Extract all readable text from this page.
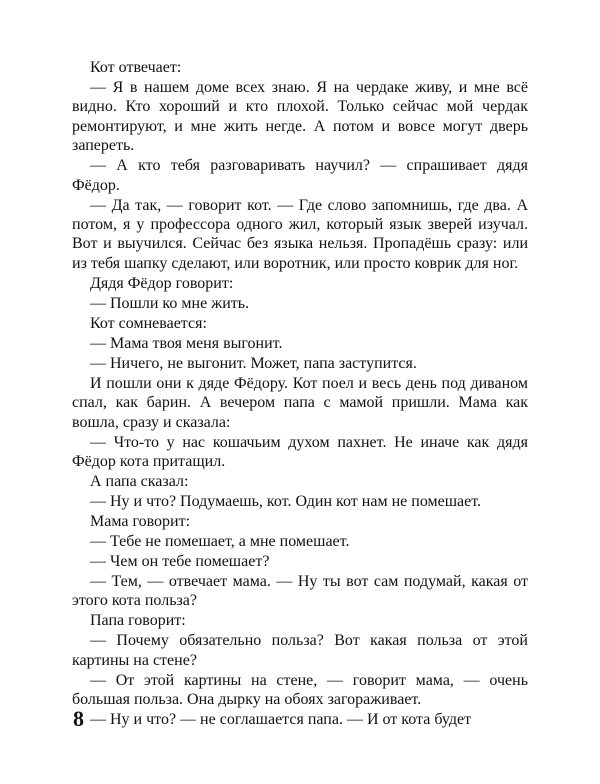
Кот отвечает:

— Я в нашем доме всех знаю. Я на чердаке живу, и мне всё видно. Кто хороший и кто плохой. Только сейчас мой чердак ремонтируют, и мне жить негде. А потом и вовсе могут дверь запереть.

— А кто тебя разговаривать научил? — спрашивает дядя Фёдор.

— Да так, — говорит кот. — Где слово запомнишь, где два. А потом, я у профессора одного жил, который язык зверей изучал. Вот и выучился. Сейчас без языка нельзя. Пропадёшь сразу: или из тебя шапку сделают, или воротник, или просто коврик для ног.

Дядя Фёдор говорит:

— Пошли ко мне жить.

Кот сомневается:

— Мама твоя меня выгонит.

— Ничего, не выгонит. Может, папа заступится.

И пошли они к дяде Фёдору. Кот поел и весь день под диваном спал, как барин. А вечером папа с мамой пришли. Мама как вошла, сразу и сказала:

— Что-то у нас кошачьим духом пахнет. Не иначе как дядя Фёдор кота притащил.

А папа сказал:

— Ну и что? Подумаешь, кот. Один кот нам не помешает.

Мама говорит:

— Тебе не помешает, а мне помешает.

— Чем он тебе помешает?

— Тем, — отвечает мама. — Ну ты вот сам подумай, какая от этого кота польза?

Папа говорит:

— Почему обязательно польза? Вот какая польза от этой картины на стене?

— От этой картины на стене, — говорит мама, — очень большая польза. Она дырку на обоях загораживает.

— Ну и что? — не соглашается папа. — И от кота будет

8
